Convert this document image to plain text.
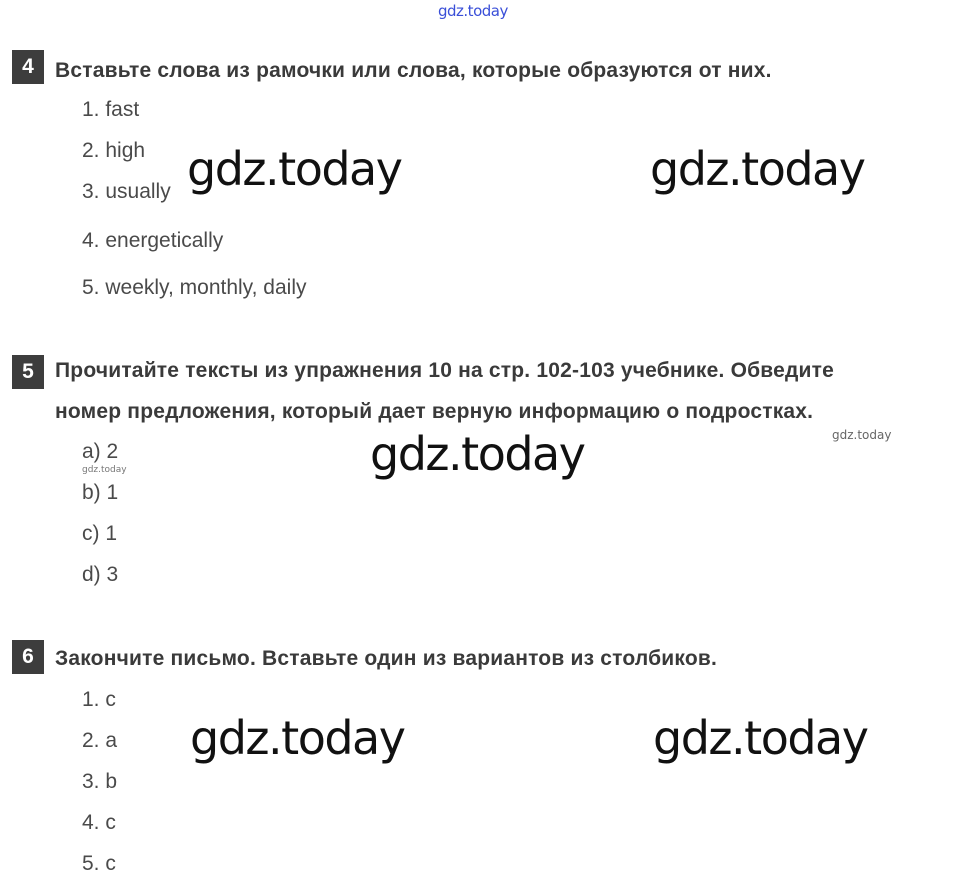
gdz.today
4	Вставьте слова из рамочки или слова, которые образуются от них.
1. fast
2. high
3. usually
4. energetically
5. weekly, monthly, daily
gdz.today	gdz.today
5	Прочитайте тексты из упражнения 10 на стр. 102-103 учебнике. Обведите
номер предложения, который дает верную информацию о подростках.
a) 2
b) 1
c) 1
d) 3
gdz.today	gdz.today
gdz.today
6	Закончите письмо. Вставьте один из вариантов из столбиков.
1. c
2. a
3. b
4. c
5. c
gdz.today	gdz.today
